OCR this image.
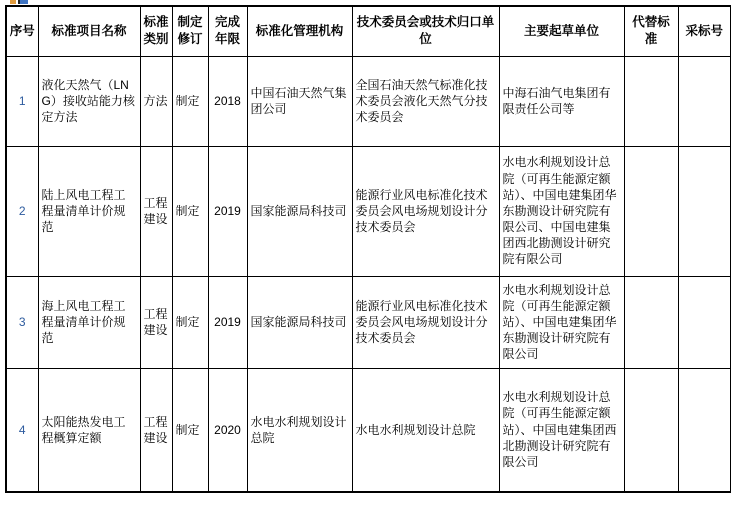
序号	标准项目名称	标准类别	制定修订	完成年限	标准化管理机构	技术委员会或技术归口单位	主要起草单位	代替标准	采标号
1	液化天然气（LNG）接收站能力核定方法	方法	制定	2018	中国石油天然气集团公司	全国石油天然气标准化技术委员会液化天然气分技术委员会	中海石油气电集团有限责任公司等		
2	陆上风电工程工程量清单计价规范	工程建设	制定	2019	国家能源局科技司	能源行业风电标准化技术委员会风电场规划设计分技术委员会	水电水利规划设计总院（可再生能源定额站）、中国电建集团华东勘测设计研究院有限公司、中国电建集团西北勘测设计研究院有限公司		
3	海上风电工程工程量清单计价规范	工程建设	制定	2019	国家能源局科技司	能源行业风电标准化技术委员会风电场规划设计分技术委员会	水电水利规划设计总院（可再生能源定额站）、中国电建集团华东勘测设计研究院有限公司		
4	太阳能热发电工程概算定额	工程建设	制定	2020	水电水利规划设计总院	水电水利规划设计总院	水电水利规划设计总院（可再生能源定额站）、中国电建集团西北勘测设计研究院有限公司		
